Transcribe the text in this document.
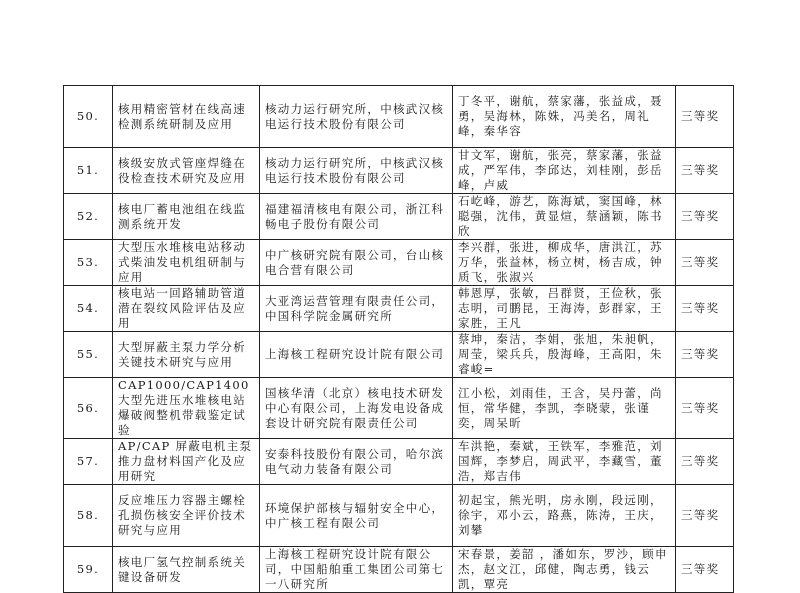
50.	核用精密管材在线高速检测系统研制及应用	核动力运行研究所，中核武汉核电运行技术股份有限公司	丁冬平，谢航，蔡家藩，张益成，聂勇，吴海林，陈姝，冯美名，周礼峰，秦华容	三等奖
51.	核级安放式管座焊缝在役检查技术研究及应用	核动力运行研究所，中核武汉核电运行技术股份有限公司	甘文军，谢航，张亮，蔡家藩，张益成，严军伟，李邱达，刘桂刚，彭岳峰，卢威	三等奖
52.	核电厂蓄电池组在线监测系统开发	福建福清核电有限公司，浙江科畅电子股份有限公司	石屹峰，游艺，陈海斌，窦国峰，林聪强，沈伟，黄显煊，蔡涵颖，陈书欣	三等奖
53.	大型压水堆核电站移动式柴油发电机组研制与应用	中广核研究院有限公司，台山核电合营有限公司	李兴群，张进，柳成华，唐洪江，苏万华，张益林，杨立树，杨吉成，钟质飞，张淑兴	三等奖
54.	核电站一回路辅助管道潜在裂纹风险评估及应用	大亚湾运营管理有限责任公司，中国科学院金属研究所	韩恩厚，张敏，吕群贤，王俭秋，张志明，司鹏昆，王海涛，彭群家，王家胜，王凡	三等奖
55.	大型屏蔽主泵力学分析关键技术研究与应用	上海核工程研究设计院有限公司	蔡坤，秦洁，李娟，张旭，朱昶帆，周莹，梁兵兵，殷海峰，王高阳，朱睿峻=	三等奖
56.	CAP1000/CAP1400 大型先进压水堆核电站爆破阀整机带载鉴定试验	国核华清（北京）核电技术研发中心有限公司，上海发电设备成套设计研究院有限责任公司	江小松，刘雨佳，王含，吴丹蕾，尚恒，常华健，李凯，李晓蒙，张谨奕，周呆昕	三等奖
57.	AP/CAP 屏蔽电机主泵推力盘材料国产化及应用研究	安泰科技股份有限公司，哈尔滨电气动力装备有限公司	车洪艳，秦斌，王铁军，李雅范，刘国辉，李梦启，周武平，李藏雪，董浩，郑吉伟	三等奖
58.	反应堆压力容器主螺栓孔损伤核安全评价技术研究与应用	环境保护部核与辐射安全中心，中广核工程有限公司	初起宝，熊光明，房永刚，段远刚，徐宇，邓小云，路燕，陈涛，王庆，刘攀	三等奖
59.	核电厂氢气控制系统关键设备研发	上海核工程研究设计院有限公司，中国船舶重工集团公司第七一八研究所	宋春景，姜韶 ，潘如东，罗沙，顾申杰，赵文江，邱健，陶志勇，钱云凯，覃亮	三等奖
